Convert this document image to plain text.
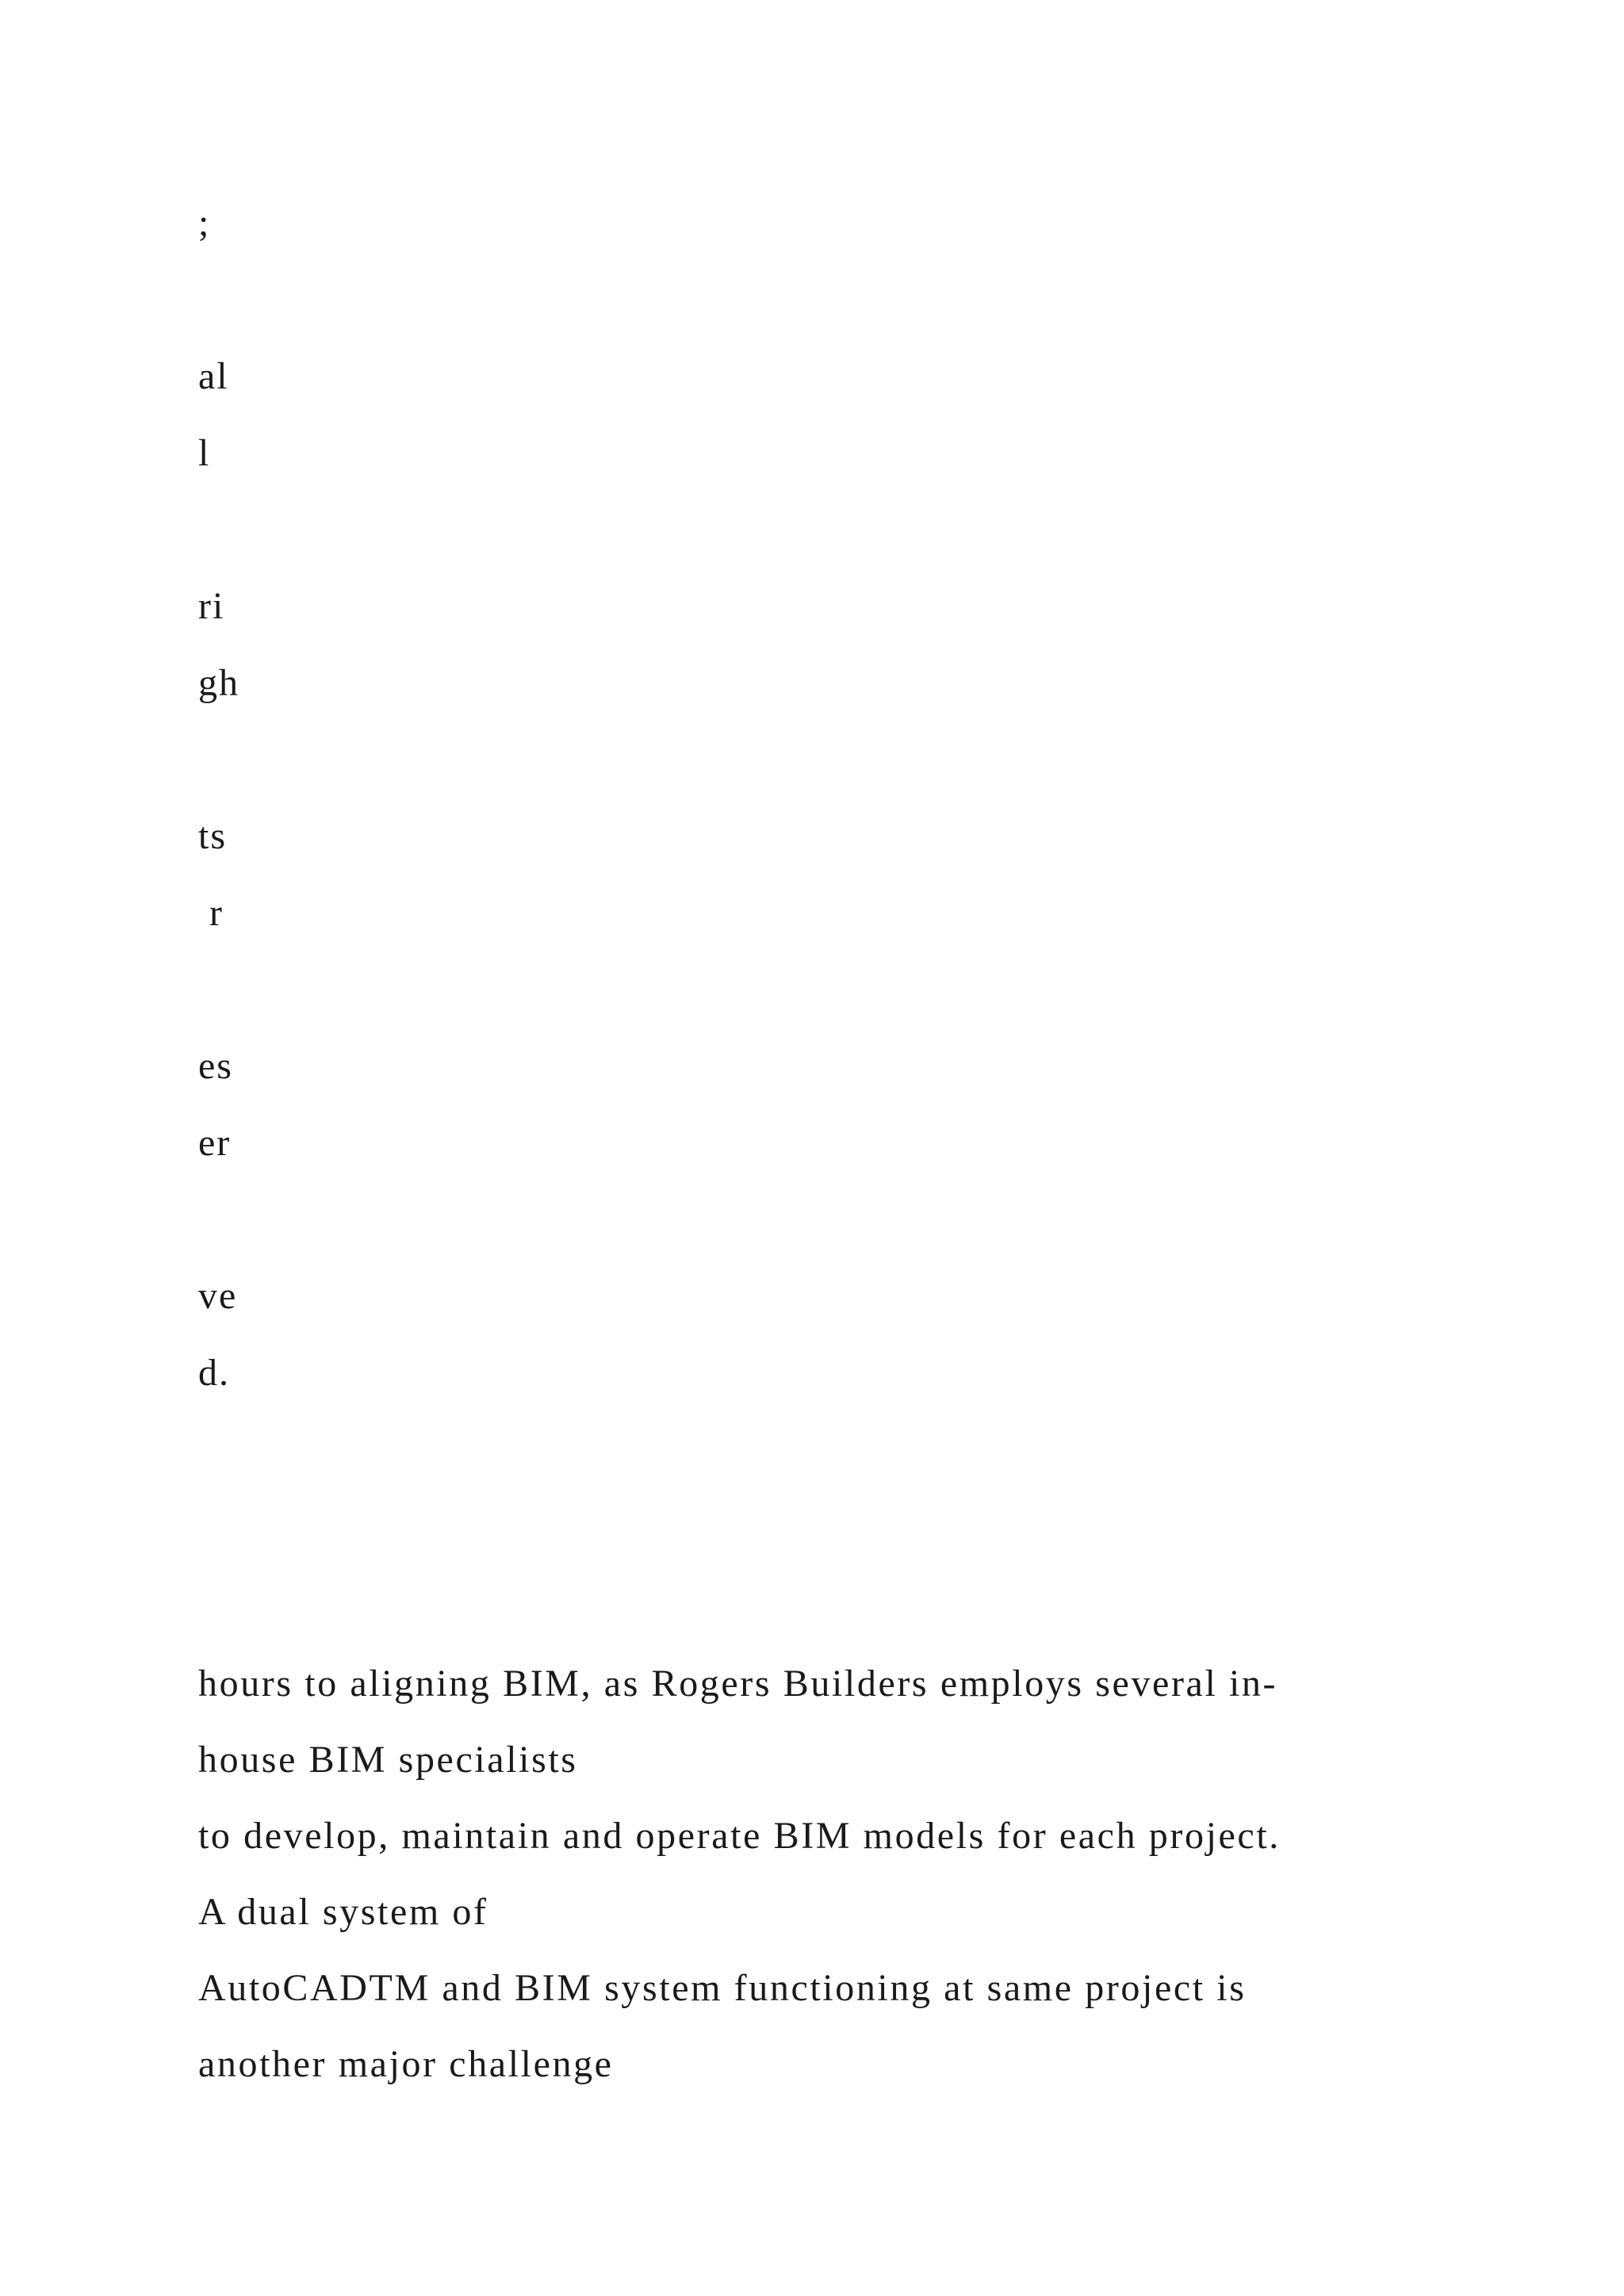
;

al

l

ri

gh

ts

r

es

er

ve

d.

hours to aligning BIM, as Rogers Builders employs several in-
house BIM specialists
to develop, maintain and operate BIM models for each project.
A dual system of
AutoCADTM and BIM system functioning at same project is
another major challenge
